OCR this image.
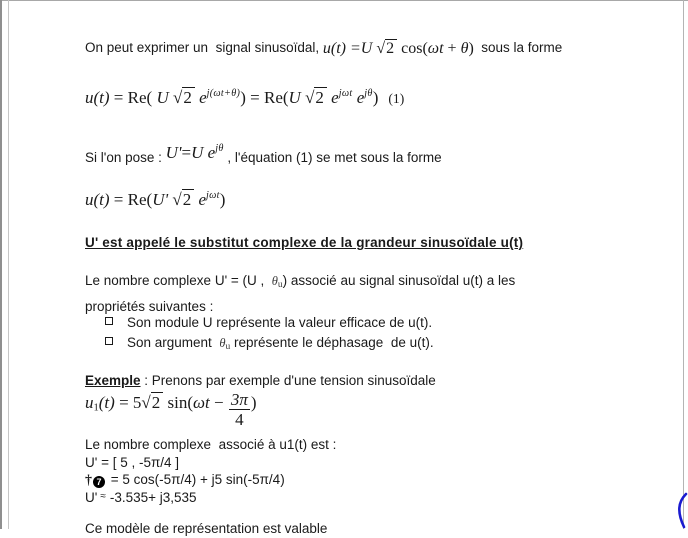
On peut exprimer un  signal sinusoïdal, u(t) =U √2 cos(ωt + θ)  sous la forme
u(t) = Re( U √2 $e^{j(\omega t+\theta)}) = Re(U$ √2 $e^{j\omega t}$ $e^{j\theta}$) (1)
Si l'on pose : U'=U $e^{j\theta}$ , l'équation (1) se met sous la forme
u(t) = Re(U' √2 $e^{j\omega t}$)
U' est appelé le substitut complexe de la grandeur sinusoïdale u(t)
Le nombre complexe U' = (U ,  θu) associé au signal sinusoïdal u(t) a les
propriétés suivantes :
Son module U représente la valeur efficace de u(t).
Son argument  θu représente le déphasage  de u(t).
Exemple : Prenons par exemple d'une tension sinusoïdale
u1(t) = 5√2 $\sin(\omega t - \frac{3\pi}{4}$ )
Le nombre complexe  associé à u1(t) est :
U' = [ 5 , -5π/4 ]
† 7 = 5 cos(-5π/4) + j5 sin(-5π/4)
U' ≈ -3.535+ j3,535
Ce modèle de représentation est valable
